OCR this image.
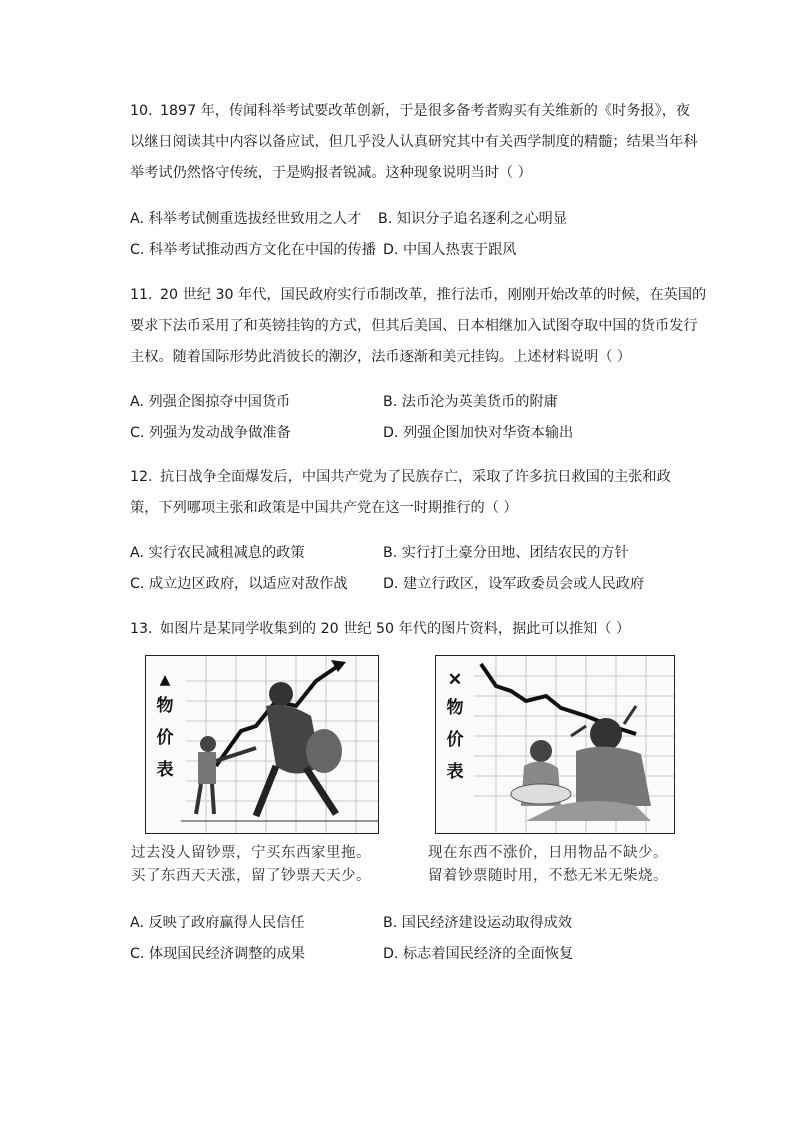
10. 1897 年，传闻科举考试要改革创新，于是很多备考者购买有关维新的《时务报》，夜
以继日阅读其中内容以备应试，但几乎没人认真研究其中有关西学制度的精髓；结果当年科
举考试仍然恪守传统，于是购报者锐减。这种现象说明当时（ ）
A. 科举考试侧重选拔经世致用之人才 B. 知识分子追名逐利之心明显
C. 科举考试推动西方文化在中国的传播 D. 中国人热衷于跟风
11. 20 世纪 30 年代，国民政府实行币制改革，推行法币，刚刚开始改革的时候，在英国的
要求下法币采用了和英镑挂钩的方式，但其后美国、日本相继加入试图夺取中国的货币发行
主权。随着国际形势此消彼长的潮汐，法币逐渐和美元挂钩。上述材料说明（ ）
A. 列强企图掠夺中国货币	B. 法币沦为英美货币的附庸
C. 列强为发动战争做准备	D. 列强企图加快对华资本输出
12. 抗日战争全面爆发后，中国共产党为了民族存亡，采取了许多抗日救国的主张和政
策，下列哪项主张和政策是中国共产党在这一时期推行的（ ）
A. 实行农民减租减息的政策	B. 实行打土豪分田地、团结农民的方针
C. 成立边区政府，以适应对敌作战 D. 建立行政区，设军政委员会或人民政府
13. 如图片是某同学收集到的 20 世纪 50 年代的图片资料，据此可以推知（ ）
▲
物
价
表
✕
物
价
表
过去没人留钞票，宁买东西家里拖。
买了东西天天涨，留了钞票天天少。
现在东西不涨价，日用物品不缺少。
留着钞票随时用，不愁无米无柴烧。
A. 反映了政府赢得人民信任	B. 国民经济建设运动取得成效
C. 体现国民经济调整的成果	D. 标志着国民经济的全面恢复
